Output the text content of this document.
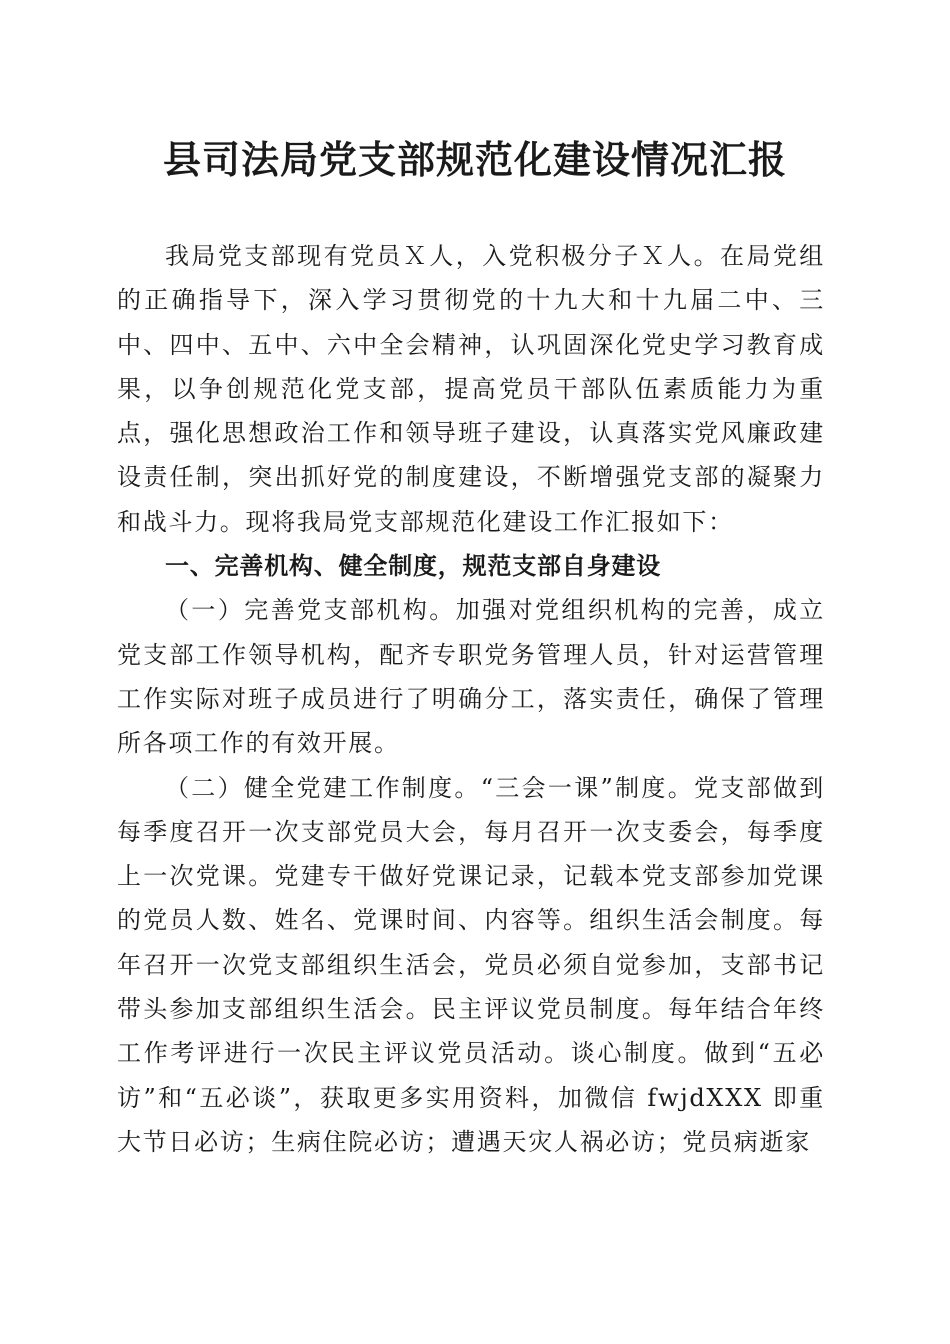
县司法局党支部规范化建设情况汇报

我局党支部现有党员Ｘ人，入党积极分子Ｘ人。在局党组的正确指导下，深入学习贯彻党的十九大和十九届二中、三中、四中、五中、六中全会精神，认巩固深化党史学习教育成果，以争创规范化党支部，提高党员干部队伍素质能力为重点，强化思想政治工作和领导班子建设，认真落实党风廉政建设责任制，突出抓好党的制度建设，不断增强党支部的凝聚力和战斗力。现将我局党支部规范化建设工作汇报如下：

一、完善机构、健全制度，规范支部自身建设

（一）完善党支部机构。加强对党组织机构的完善，成立党支部工作领导机构，配齐专职党务管理人员，针对运营管理工作实际对班子成员进行了明确分工，落实责任，确保了管理所各项工作的有效开展。

（二）健全党建工作制度。“三会一课”制度。党支部做到每季度召开一次支部党员大会，每月召开一次支委会，每季度上一次党课。党建专干做好党课记录，记载本党支部参加党课的党员人数、姓名、党课时间、内容等。组织生活会制度。每年召开一次党支部组织生活会，党员必须自觉参加，支部书记带头参加支部组织生活会。民主评议党员制度。每年结合年终工作考评进行一次民主评议党员活动。谈心制度。做到“五必访”和“五必谈”，获取更多实用资料，加微信 fwjdXXX 即重大节日必访；生病住院必访；遭遇天灾人祸必访；党员病逝家
